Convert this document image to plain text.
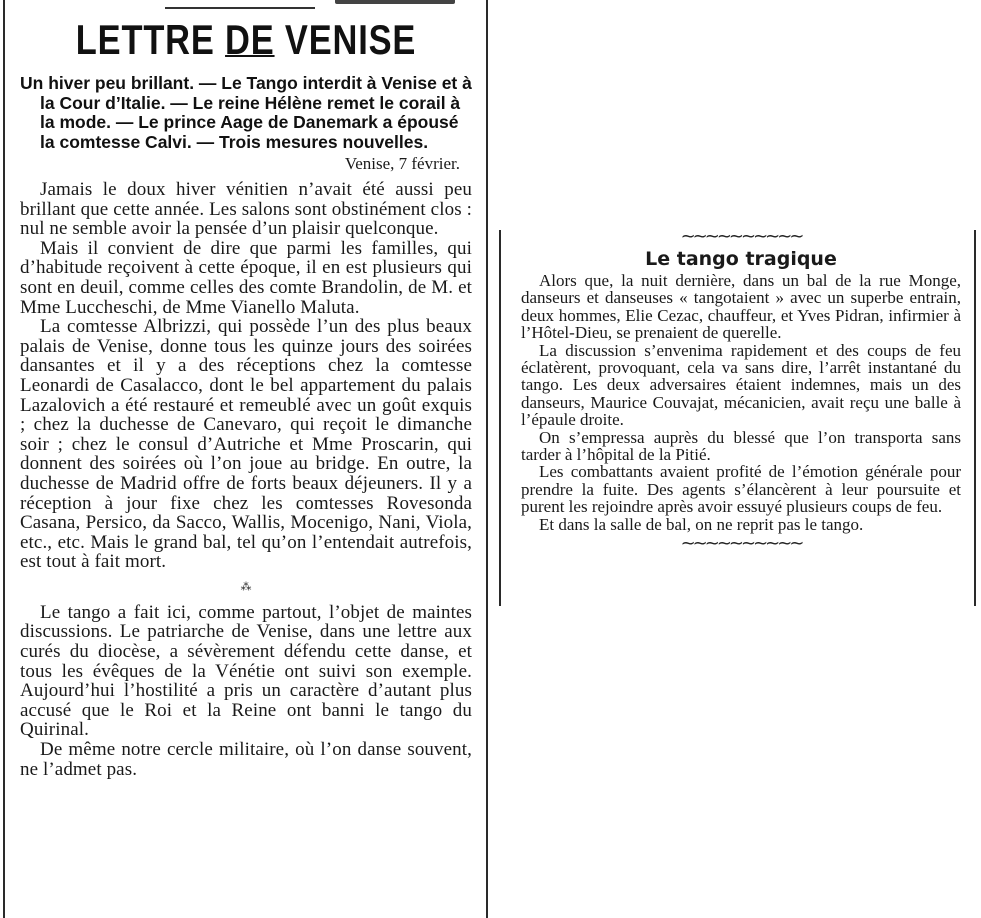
LETTRE DE VENISE

Un hiver peu brillant. — Le Tango interdit à Venise et à la Cour d’Italie. — Le reine Hélène remet le corail à la mode. — Le prince Aage de Danemark a épousé la comtesse Calvi. — Trois mesures nouvelles.

Venise, 7 février.

Jamais le doux hiver vénitien n’avait été aussi peu brillant que cette année. Les salons sont obstinément clos : nul ne semble avoir la pensée d’un plaisir quelconque.

Mais il convient de dire que parmi les familles, qui d’habitude reçoivent à cette époque, il en est plusieurs qui sont en deuil, comme celles des comte Brandolin, de M. et Mme Luccheschi, de Mme Vianello Maluta.

La comtesse Albrizzi, qui possède l’un des plus beaux palais de Venise, donne tous les quinze jours des soirées dansantes et il y a des réceptions chez la comtesse Leonardi de Casalacco, dont le bel appartement du palais Lazalovich a été restauré et remeublé avec un goût exquis ; chez la duchesse de Canevaro, qui reçoit le dimanche soir ; chez le consul d’Autriche et Mme Proscarin, qui donnent des soirées où l’on joue au bridge. En outre, la duchesse de Madrid offre de forts beaux déjeuners. Il y a réception à jour fixe chez les comtesses Rovesonda Casana, Persico, da Sacco, Wallis, Mocenigo, Nani, Viola, etc., etc. Mais le grand bal, tel qu’on l’entendait autrefois, est tout à fait mort.

⁂

Le tango a fait ici, comme partout, l’objet de maintes discussions. Le patriarche de Venise, dans une lettre aux curés du diocèse, a sévèrement défendu cette danse, et tous les évêques de la Vénétie ont suivi son exemple. Aujourd’hui l’hostilité a pris un caractère d’autant plus accusé que le Roi et la Reine ont banni le tango du Quirinal.

De même notre cercle militaire, où l’on danse souvent, ne l’admet pas.

~~~~~~~~~~
Le tango tragique

Alors que, la nuit dernière, dans un bal de la rue Monge, danseurs et danseuses « tangotaient » avec un superbe entrain, deux hommes, Elie Cezac, chauffeur, et Yves Pidran, infirmier à l’Hôtel-Dieu, se prenaient de querelle.

La discussion s’envenima rapidement et des coups de feu éclatèrent, provoquant, cela va sans dire, l’arrêt instantané du tango. Les deux adversaires étaient indemnes, mais un des danseurs, Maurice Couvajat, mécanicien, avait reçu une balle à l’épaule droite.

On s’empressa auprès du blessé que l’on transporta sans tarder à l’hôpital de la Pitié.

Les combattants avaient profité de l’émotion générale pour prendre la fuite. Des agents s’élancèrent à leur poursuite et purent les rejoindre après avoir essuyé plusieurs coups de feu.

Et dans la salle de bal, on ne reprit pas le tango.

~~~~~~~~~~
